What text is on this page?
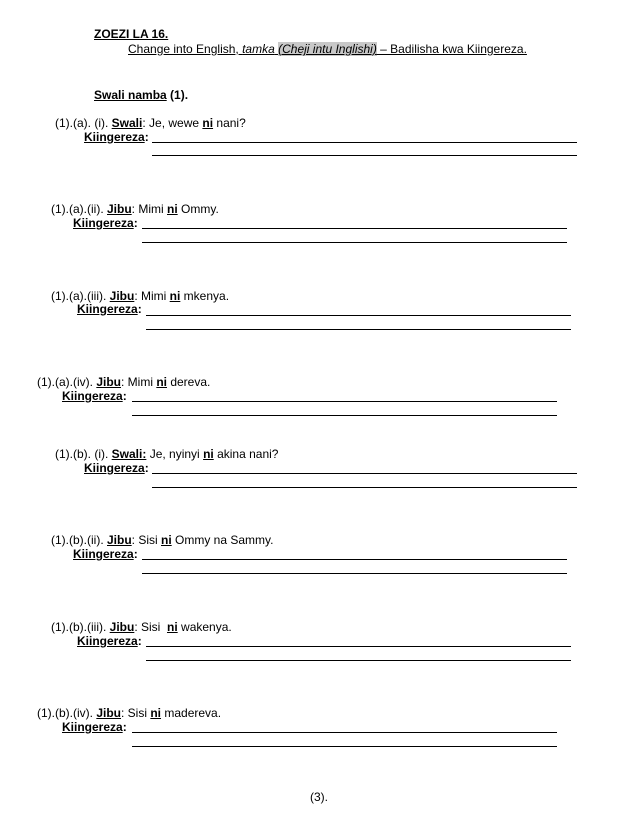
ZOEZI LA 16.
Change into English, tamka (Cheji intu Inglishi) – Badilisha kwa Kiingereza.
Swali namba (1).
(1).(a). (i). Swali: Je, wewe ni nani?
Kiingereza:
(1).(a).(ii). Jibu: Mimi ni Ommy.
Kiingereza:
(1).(a).(iii). Jibu: Mimi ni mkenya.
Kiingereza:
(1).(a).(iv). Jibu: Mimi ni dereva.
Kiingereza:
(1).(b). (i). Swali: Je, nyinyi ni akina nani?
Kiingereza:
(1).(b).(ii). Jibu: Sisi ni Ommy na Sammy.
Kiingereza:
(1).(b).(iii). Jibu: Sisi  ni wakenya.
Kiingereza:
(1).(b).(iv). Jibu: Sisi ni madereva.
Kiingereza:
(3).
